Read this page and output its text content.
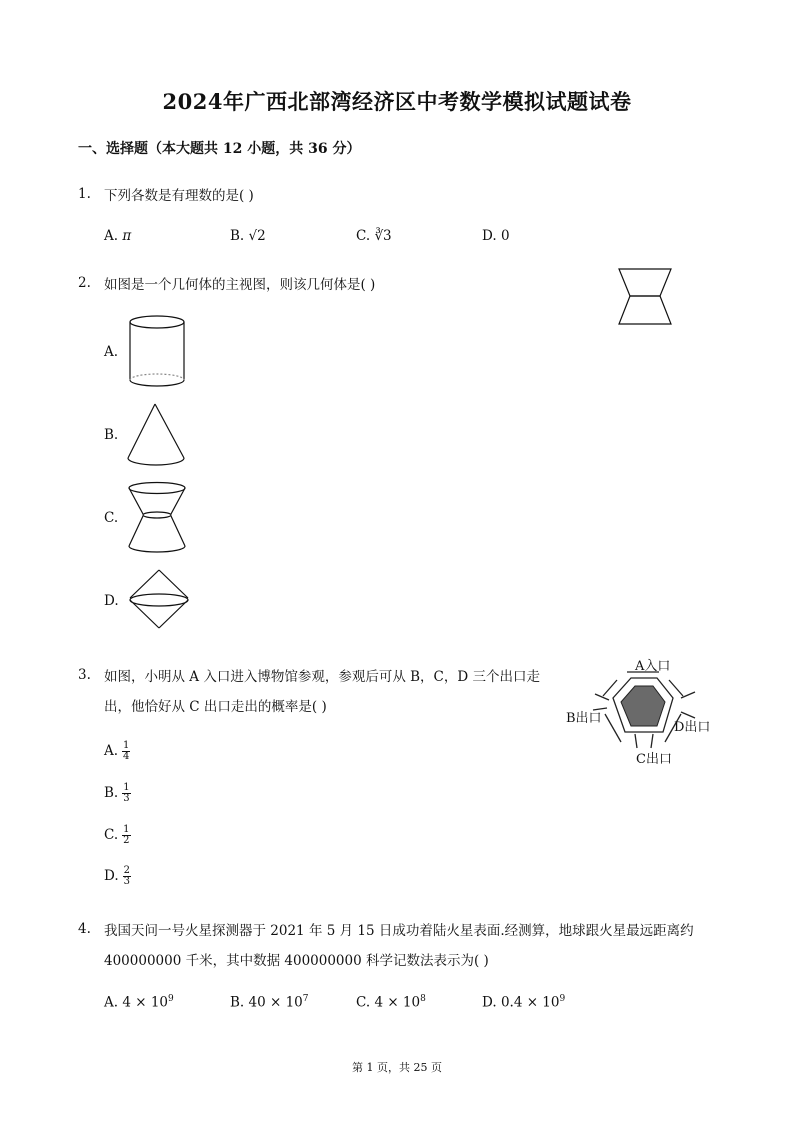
2024年广西北部湾经济区中考数学模拟试题试卷
一、选择题（本大题共 12 小题，共 36 分）
1. 下列各数是有理数的是( )
A. π	B. √2	C. ∛3	D. 0
2. 如图是一个几何体的主视图，则该几何体是( )
A.
B.
C.
D.
3. 如图，小明从 A 入口进入博物馆参观，参观后可从 B，C，D 三个出口走
出，他恰好从 C 出口走出的概率是( )
A入口
B出口
D出口
C出口
A. $\frac{1}{4}$
B. $\frac{1}{3}$
C. $\frac{1}{2}$
D. $\frac{2}{3}$
4. 我国天问一号火星探测器于 2021 年 5 月 15 日成功着陆火星表面.经测算，地球跟火星最远距离约
400000000 千米，其中数据 400000000 科学记数法表示为( )
A. $4 \times 10^9$	B. $40 \times 10^7$	C. $4 \times 10^8$	D. $0.4 \times 10^9$
第 1 页，共 25 页
